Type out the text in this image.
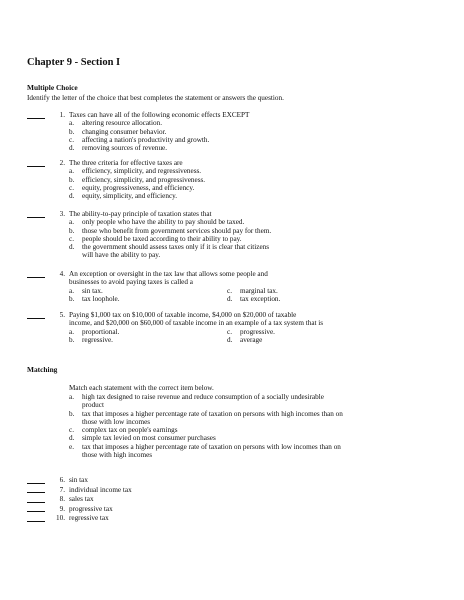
Chapter 9 - Section I
Multiple Choice
Identify the letter of the choice that best completes the statement or answers the question.
1. Taxes can have all of the following economic effects EXCEPT
a. altering resource allocation.
b. changing consumer behavior.
c. affecting a nation's productivity and growth.
d. removing sources of revenue.
2. The three criteria for effective taxes are
a. efficiency, simplicity, and regressiveness.
b. efficiency, simplicity, and progressiveness.
c. equity, progressiveness, and efficiency.
d. equity, simplicity, and efficiency.
3. The ability-to-pay principle of taxation states that
a. only people who have the ability to pay should be taxed.
b. those who benefit from government services should pay for them.
c. people should be taxed according to their ability to pay.
d. the government should assess taxes only if it is clear that citizens
will have the ability to pay.
4. An exception or oversight in the tax law that allows some people and
businesses to avoid paying taxes is called a
a. sin tax.	c. marginal tax.
b. tax loophole.	d. tax exception.
5. Paying $1,000 tax on $10,000 of taxable income, $4,000 on $20,000 of taxable
income, and $20,000 on $60,000 of taxable income in an example of a tax system that is
a. proportional.	c. progressive.
b. regressive.	d. average
Matching
Match each statement with the correct item below.
a. high tax designed to raise revenue and reduce consumption of a socially undesirable
product
b. tax that imposes a higher percentage rate of taxation on persons with high incomes than on
those with low incomes
c. complex tax on people's earnings
d. simple tax levied on most consumer purchases
e. tax that imposes a higher percentage rate of taxation on persons with low incomes than on
those with high incomes
6. sin tax
7. individual income tax
8. sales tax
9. progressive tax
10. regressive tax
